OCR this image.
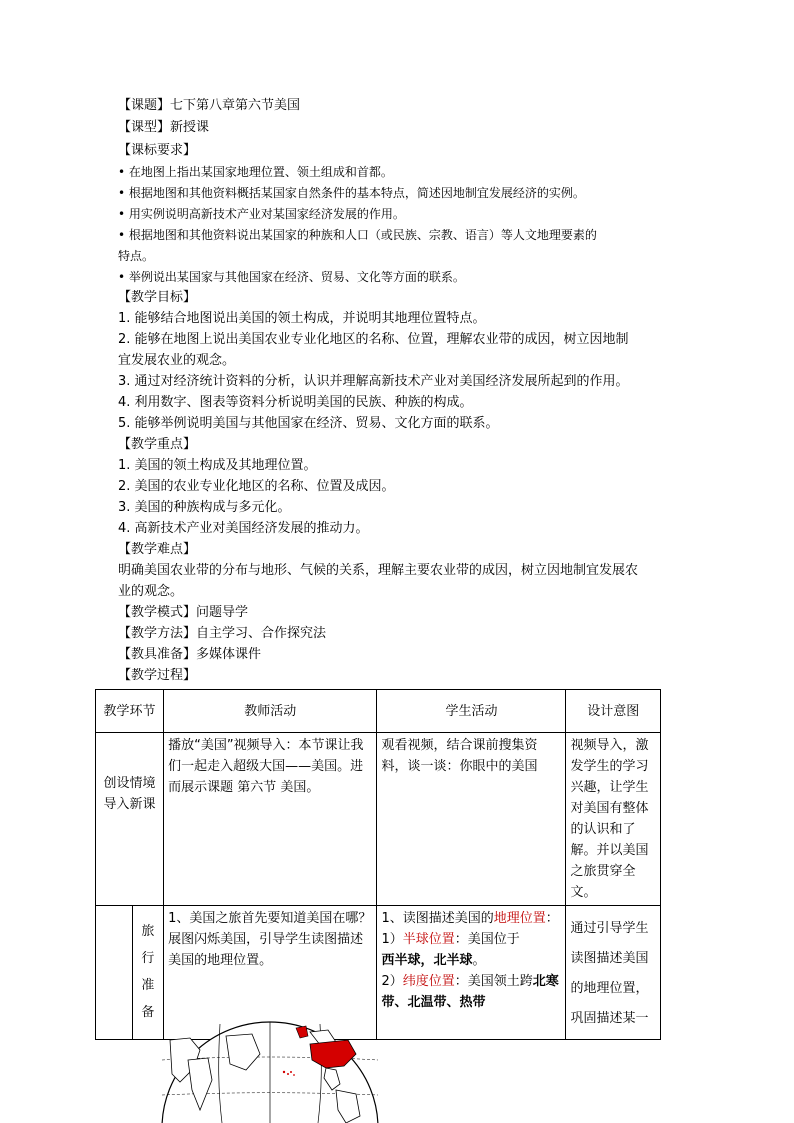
【课题】七下第八章第六节美国
【课型】新授课
【课标要求】
• 在地图上指出某国家地理位置、领土组成和首都。
• 根据地图和其他资料概括某国家自然条件的基本特点，简述因地制宜发展经济的实例。
• 用实例说明高新技术产业对某国家经济发展的作用。
• 根据地图和其他资料说出某国家的种族和人口（或民族、宗教、语言）等人文地理要素的
特点。
• 举例说出某国家与其他国家在经济、贸易、文化等方面的联系。
【教学目标】
1. 能够结合地图说出美国的领土构成，并说明其地理位置特点。
2. 能够在地图上说出美国农业专业化地区的名称、位置，理解农业带的成因，树立因地制
宜发展农业的观念。
3. 通过对经济统计资料的分析，认识并理解高新技术产业对美国经济发展所起到的作用。
4. 利用数字、图表等资料分析说明美国的民族、种族的构成。
5. 能够举例说明美国与其他国家在经济、贸易、文化方面的联系。
【教学重点】
1. 美国的领土构成及其地理位置。
2. 美国的农业专业化地区的名称、位置及成因。
3. 美国的种族构成与多元化。
4. 高新技术产业对美国经济发展的推动力。
【教学难点】
明确美国农业带的分布与地形、气候的关系，理解主要农业带的成因，树立因地制宜发展农
业的观念。
【教学模式】问题导学
【教学方法】自主学习、合作探究法
【教具准备】多媒体课件
【教学过程】
教学环节		教师活动	学生活动	设计意图
创设情境导入新课		播放“美国”视频导入：本节课让我们一起走入超级大国——美国。进而展示课题 第六节 美国。	观看视频，结合课前搜集资料，谈一谈：你眼中的美国	视频导入，激发学生的学习兴趣，让学生对美国有整体的认识和了解。并以美国之旅贯穿全文。
	旅行准备	1、美国之旅首先要知道美国在哪？展图闪烁美国，引导学生读图描述美国的地理位置。	1、读图描述美国的地理位置：
1）半球位置：美国位于
西半球，北半球。
2）纬度位置：美国领土跨北寒带、北温带、热带	通过引导学生读图描述美国的地理位置，巩固描述某一
